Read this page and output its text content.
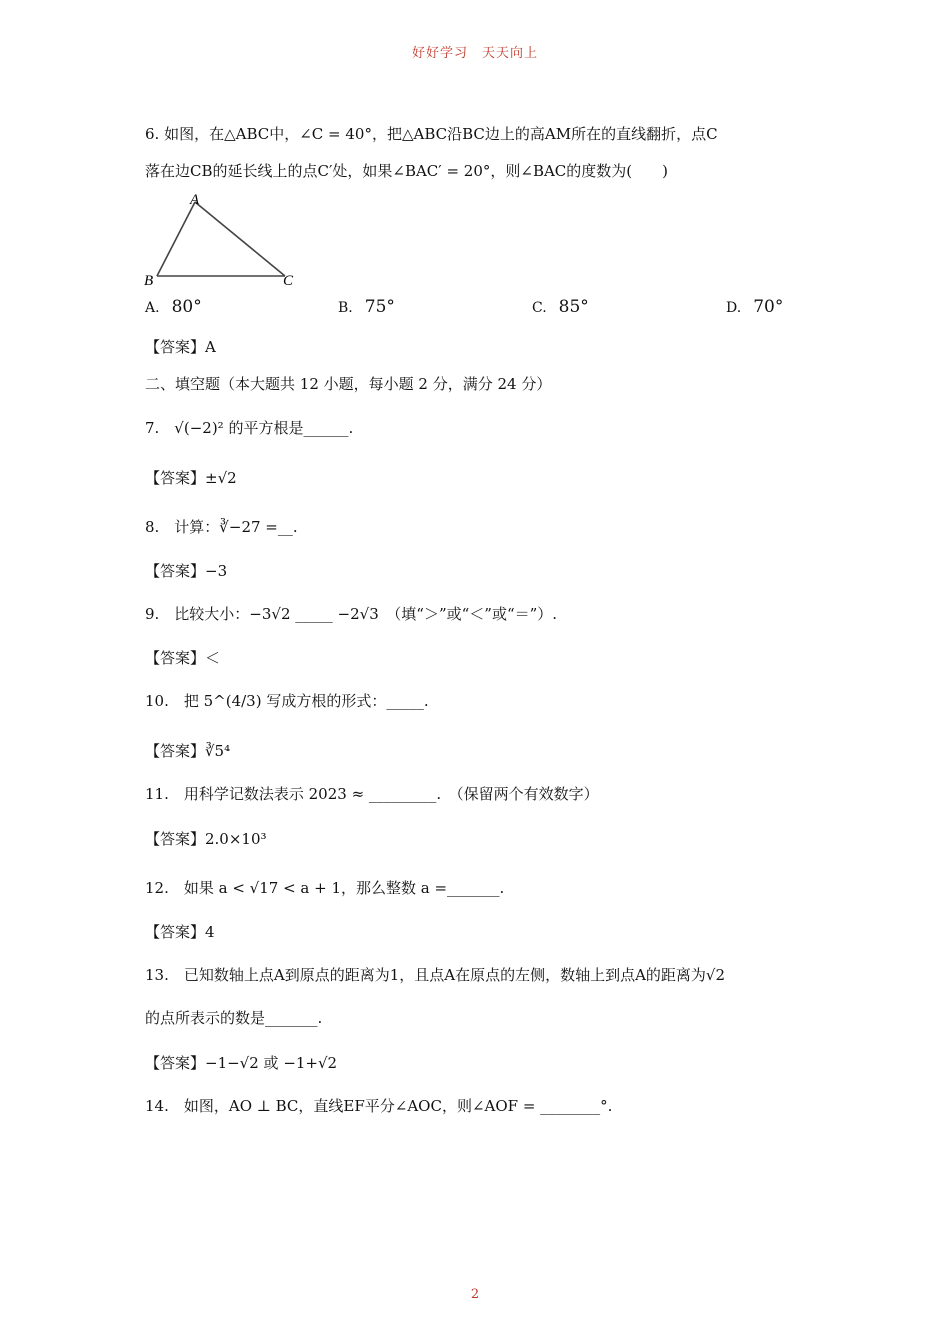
好好学习　天天向上
6. 如图，在△ABC中，∠C = 40°，把△ABC沿BC边上的高AM所在的直线翻折，点C
落在边CB的延长线上的点C′处，如果∠BAC′ = 20°，则∠BAC的度数为(　　)
A
B	C
A. 80°	B. 75°	C. 85°	D. 70°
【答案】A
二、填空题（本大题共 12 小题，每小题 2 分，满分 24 分）
7.　√(−2)² 的平方根是______.
【答案】±√2
8.　计算：∛−27 =__.
【答案】−3
9.　比较大小：−3√2 _____ −2√3　（填“＞”或“＜”或“＝”）.
【答案】＜
10.　把 5^(4/3) 写成方根的形式：_____.
【答案】∛5⁴
11.　用科学记数法表示 2023 ≈ _________.　（保留两个有效数字）
【答案】2.0×10³
12.　如果 a < √17 < a + 1，那么整数 a =_______.
【答案】4
13.　已知数轴上点A到原点的距离为1，且点A在原点的左侧，数轴上到点A的距离为√2
的点所表示的数是_______.
【答案】−1−√2 或 −1+√2
14.　如图，AO ⊥ BC，直线EF平分∠AOC，则∠AOF = ________°.
2
